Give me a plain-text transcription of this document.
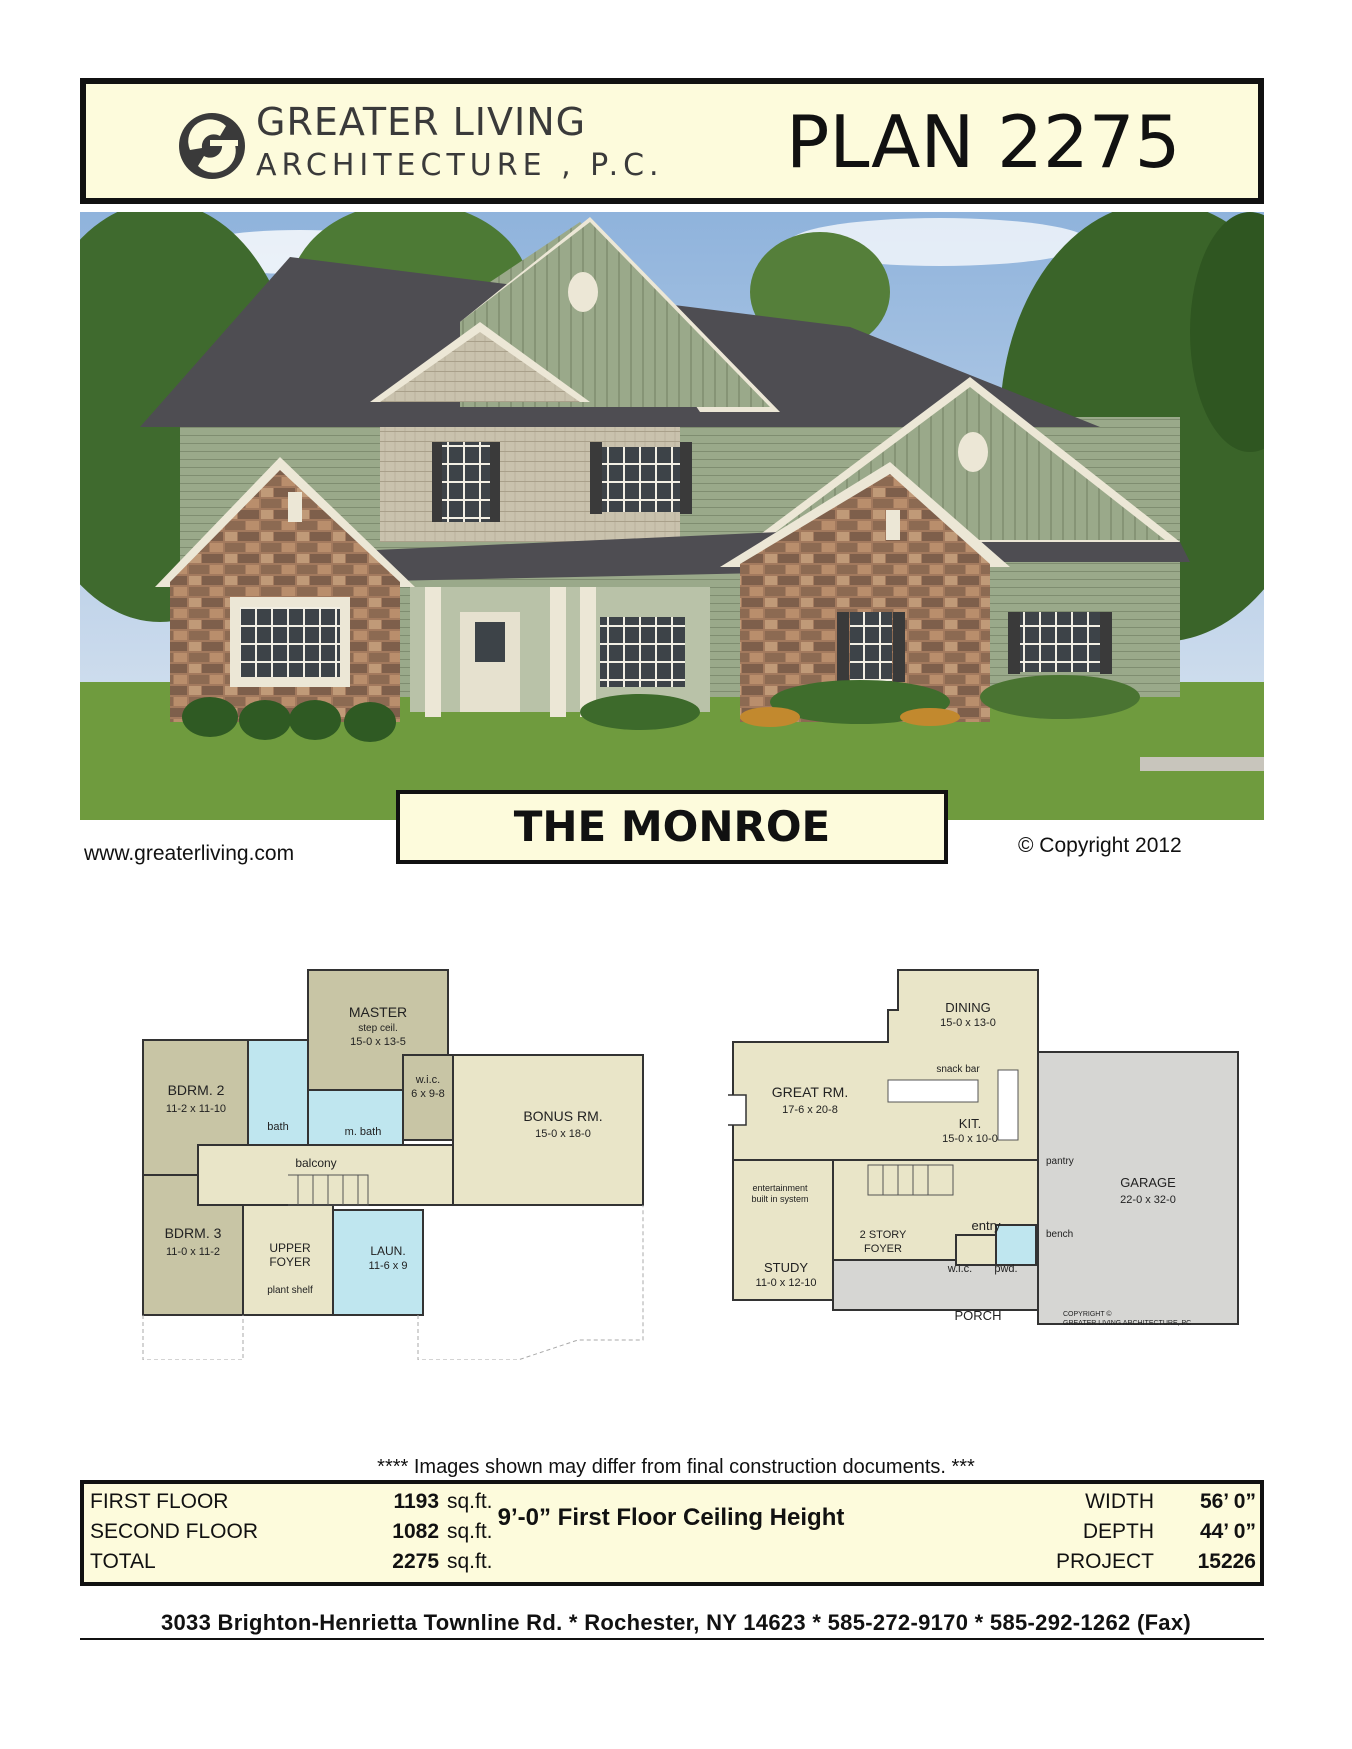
GREATER LIVING
ARCHITECTURE , P.C. PLAN 2275
THE MONROE
www.greaterliving.com	© Copyright 2012
MASTER
step ceil.
15-0 x 13-5
BDRM. 2
11-2 x 11-10
bath	m. bath
w.i.c.
6 x 9-8
BONUS RM.
15-0 x 18-0
balcony
BDRM. 3
11-0 x 11-2	UPPER
FOYER
plant shelf
LAUN.
11-6 x 9
DINING
15-0 x 13-0
snack bar
GREAT RM.
17-6 x 20-8
KIT.
15-0 x 10-0
pantry
GARAGE
22-0 x 32-0
entertainment
built in system
entry
bench
2 STORY
FOYER
STUDY
11-0 x 12-10
w.i.c. pwd.
PORCH	COPYRIGHT ©
GREATER LIVING ARCHITECTURE, PC
**** Images shown may differ from final construction documents. ***
FIRST FLOOR	1193 sq.ft.	WIDTH	56’ 0”
SECOND FLOOR	1082 sq.ft.	DEPTH	44’ 0”
TOTAL	2275 sq.ft.	PROJECT	15226
9’-0” First Floor Ceiling Height
3033 Brighton-Henrietta Townline Rd. * Rochester, NY 14623 * 585-272-9170 * 585-292-1262 (Fax)
